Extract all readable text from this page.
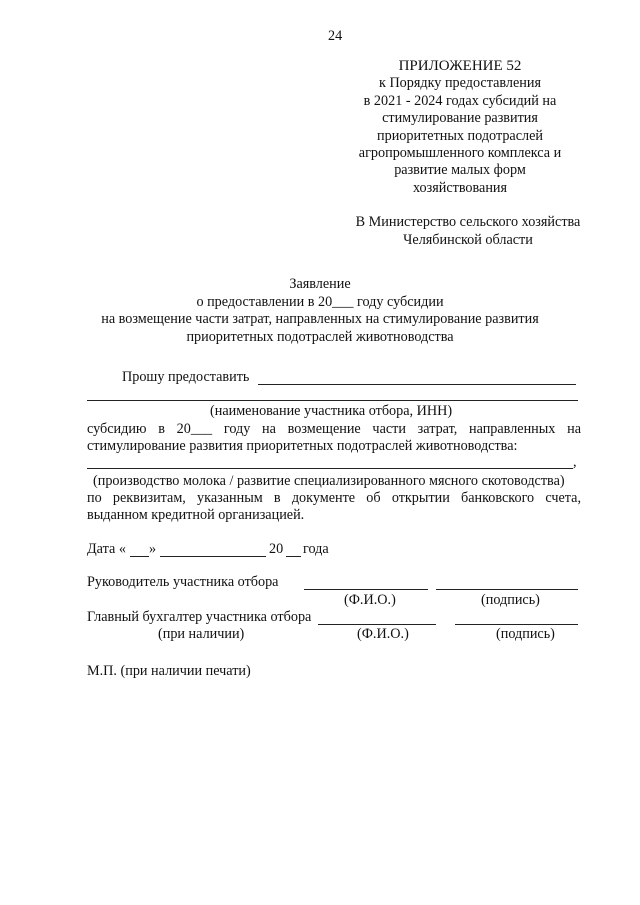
24
ПРИЛОЖЕНИЕ 52
к Порядку предоставления
в 2021 - 2024 годах субсидий на
стимулирование развития
приоритетных подотраслей
агропромышленного комплекса и
развитие малых форм
хозяйствования
В Министерство сельского хозяйства
Челябинской области
Заявление
о предоставлении в 20___ году субсидии
на возмещение части затрат, направленных на стимулирование развития
приоритетных подотраслей животноводства
Прошу предоставить
(наименование участника отбора, ИНН)
субсидию в 20___ году на возмещение части затрат, направленных на
стимулирование развития приоритетных подотраслей животноводства:
,
(производство молока / развитие специализированного мясного скотоводства)
по реквизитам, указанным в документе об открытии банковского счета,
выданном кредитной организацией.
Дата « »	20 года
Руководитель участника отбора
(Ф.И.О.)	(подпись)
Главный бухгалтер участника отбора
(при наличии)	(Ф.И.О.)	(подпись)
М.П. (при наличии печати)
